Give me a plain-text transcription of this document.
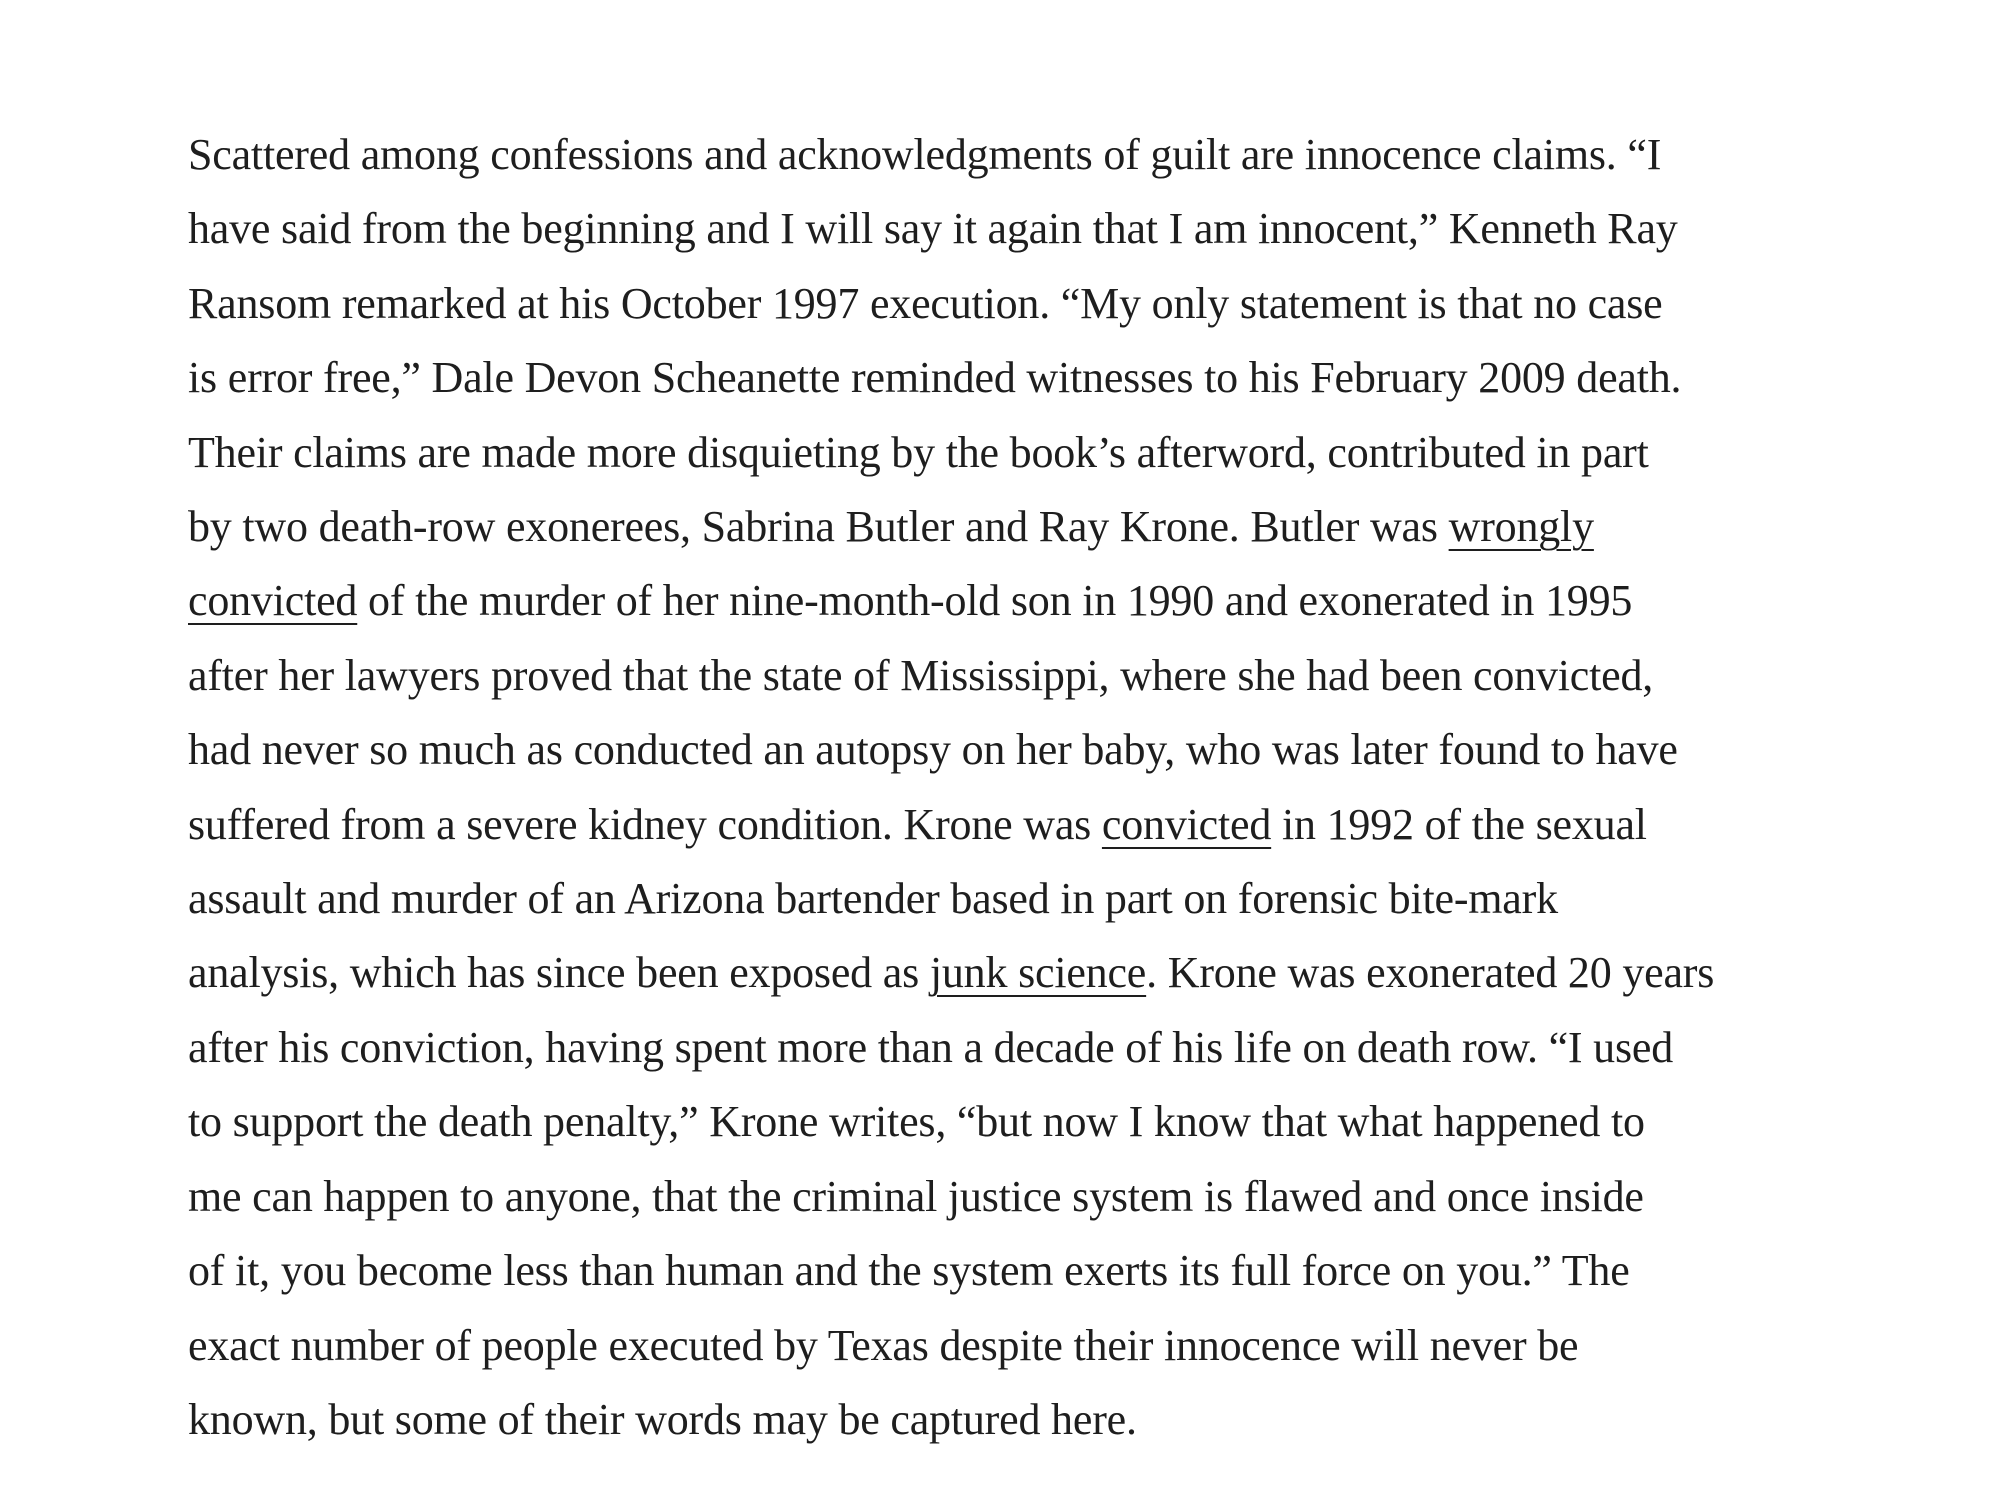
Scattered among confessions and acknowledgments of guilt are innocence claims. “I
have said from the beginning and I will say it again that I am innocent,” Kenneth Ray
Ransom remarked at his October 1997 execution. “My only statement is that no case
is error free,” Dale Devon Scheanette reminded witnesses to his February 2009 death.
Their claims are made more disquieting by the book’s afterword, contributed in part
by two death-row exonerees, Sabrina Butler and Ray Krone. Butler was wrongly
convicted of the murder of her nine-month-old son in 1990 and exonerated in 1995
after her lawyers proved that the state of Mississippi, where she had been convicted,
had never so much as conducted an autopsy on her baby, who was later found to have
suffered from a severe kidney condition. Krone was convicted in 1992 of the sexual
assault and murder of an Arizona bartender based in part on forensic bite-mark
analysis, which has since been exposed as junk science. Krone was exonerated 20 years
after his conviction, having spent more than a decade of his life on death row. “I used
to support the death penalty,” Krone writes, “but now I know that what happened to
me can happen to anyone, that the criminal justice system is flawed and once inside
of it, you become less than human and the system exerts its full force on you.” The
exact number of people executed by Texas despite their innocence will never be
known, but some of their words may be captured here.
